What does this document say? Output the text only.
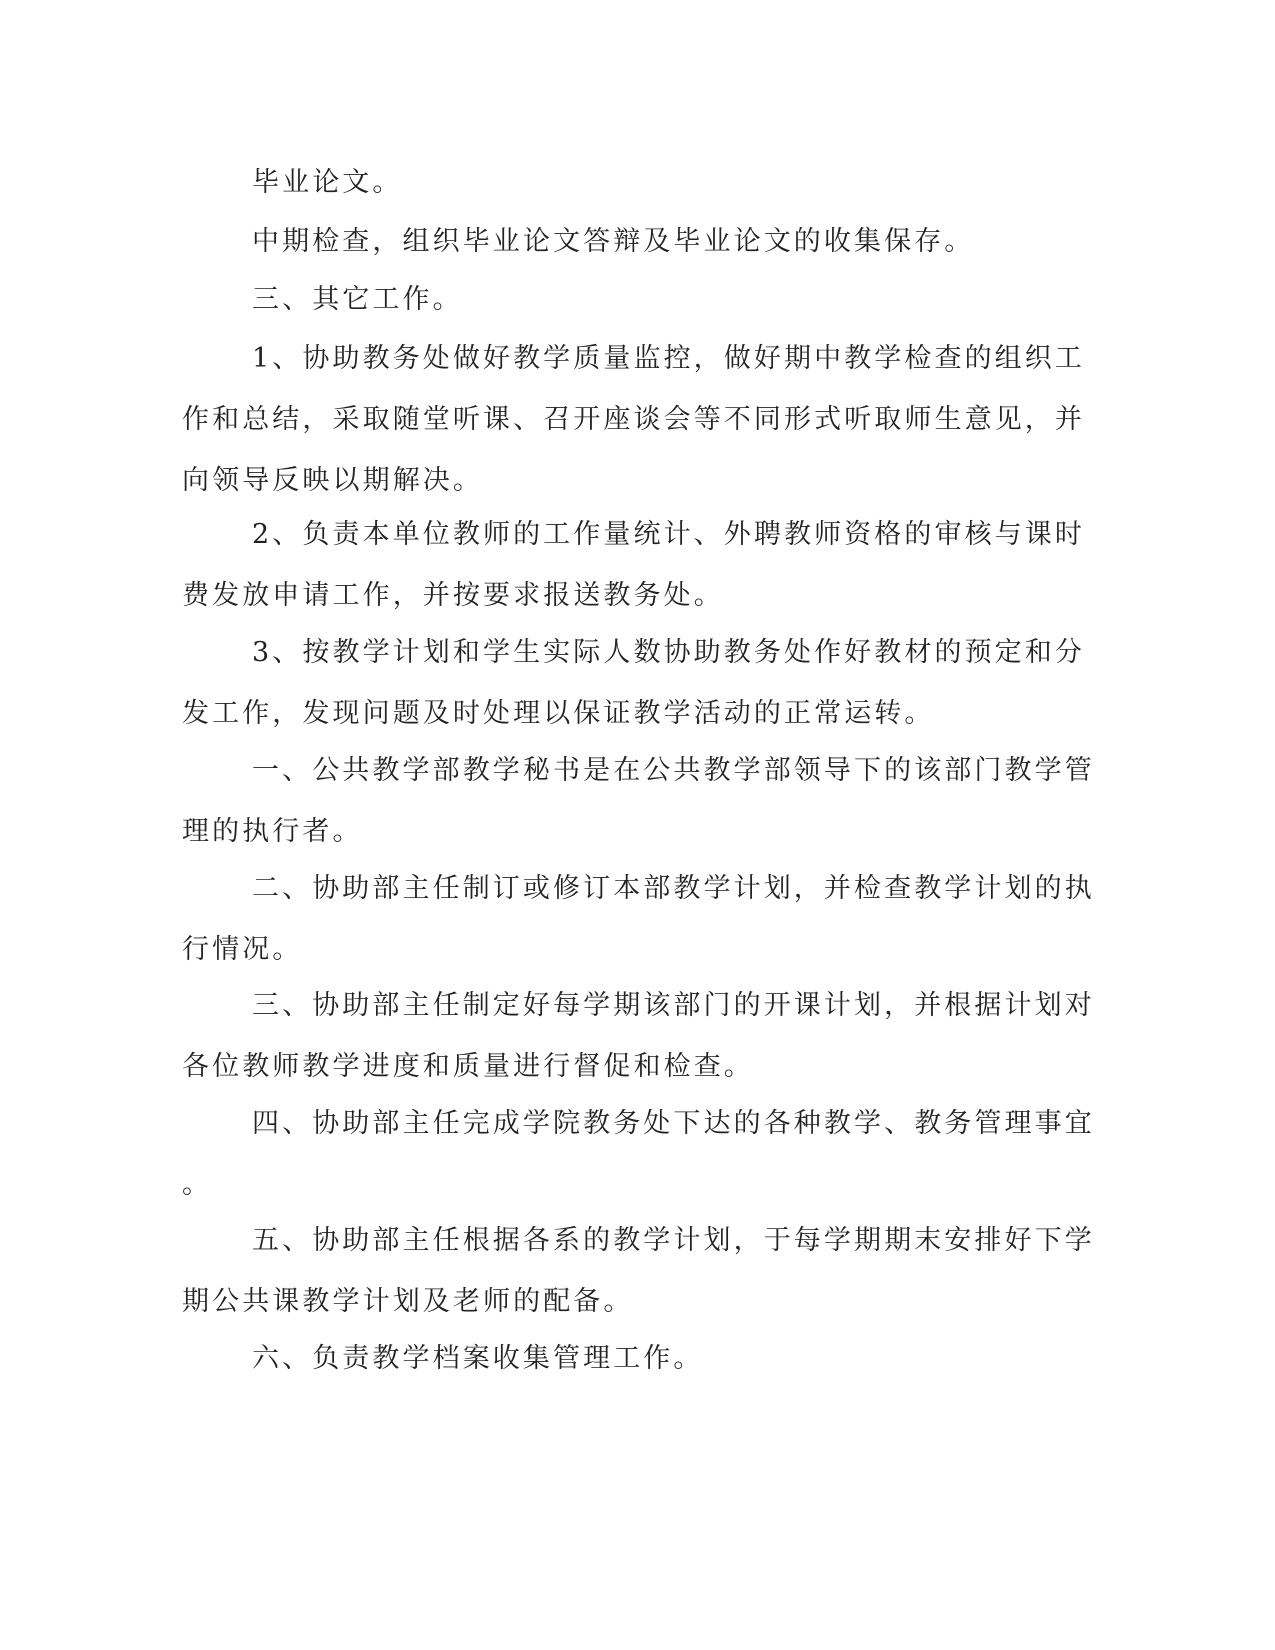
毕业论文。
中期检查，组织毕业论文答辩及毕业论文的收集保存。
三、其它工作。
1、协助教务处做好教学质量监控，做好期中教学检查的组织工
作和总结，采取随堂听课、召开座谈会等不同形式听取师生意见，并
向领导反映以期解决。
2、负责本单位教师的工作量统计、外聘教师资格的审核与课时
费发放申请工作，并按要求报送教务处。
3、按教学计划和学生实际人数协助教务处作好教材的预定和分
发工作，发现问题及时处理以保证教学活动的正常运转。
一、公共教学部教学秘书是在公共教学部领导下的该部门教学管
理的执行者。
二、协助部主任制订或修订本部教学计划，并检查教学计划的执
行情况。
三、协助部主任制定好每学期该部门的开课计划，并根据计划对
各位教师教学进度和质量进行督促和检查。
四、协助部主任完成学院教务处下达的各种教学、教务管理事宜
。
五、协助部主任根据各系的教学计划，于每学期期末安排好下学
期公共课教学计划及老师的配备。
六、负责教学档案收集管理工作。
